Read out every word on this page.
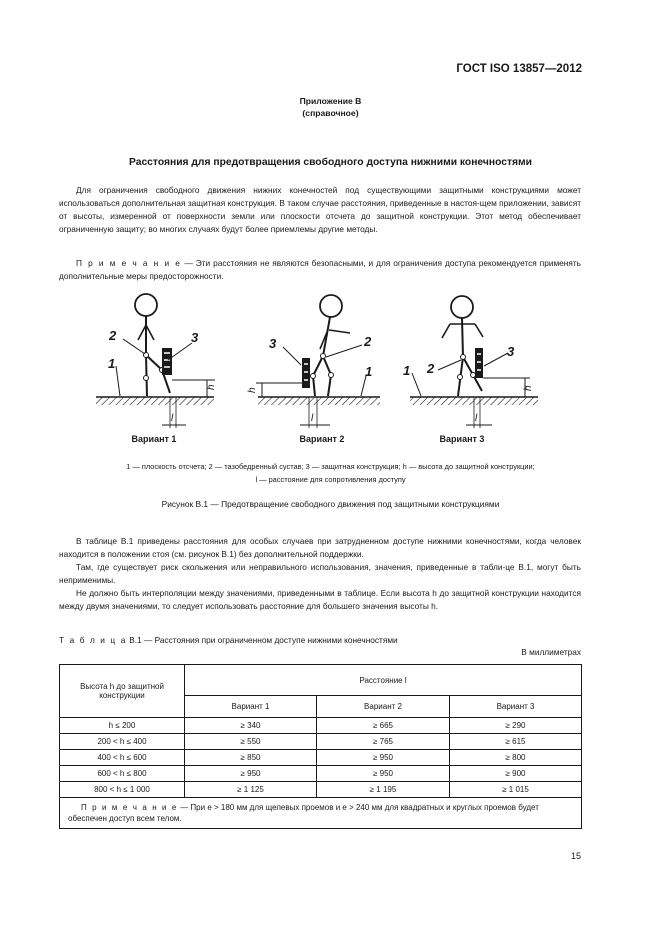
ГОСТ ISO 13857—2012
Приложение В
(справочное)
Расстояния для предотвращения свободного доступа нижними конечностями

Для ограничения свободного движения нижних конечностей под существующими защитными конструкциями может использоваться дополнительная защитная конструкция. В таком случае расстояния, приведенные в настоя-щем приложении, зависят от высоты, измеренной от поверхности земли или плоскости отсчета до защитной конструкции. Этот метод обеспечивает ограниченную защиту; во многих случаях будут более приемлемы другие методы.

П р и м е ч а н и е — Эти расстояния не являются безопасными, и для ограничения доступа рекомендуется применять дополнительные меры предосторожности.

2	3
1
3	2
1 1 2
3
h
h	h
l	l	l
Вариант 1	Вариант 2	Вариант 3
1 — плоскость отсчета; 2 — тазобедренный сустав; 3 — защитная конструкция; h — высота до защитной конструкции;
l — расстояние для сопротивления доступу
Рисунок В.1 — Предотвращение свободного движения под защитными конструкциями

В таблице В.1 приведены расстояния для особых случаев при затрудненном доступе нижними конечностями, когда человек находится в положении стоя (см. рисунок В.1) без дополнительной поддержки.

Там, где существует риск скольжения или неправильного использования, значения, приведенные в табли-це В.1, могут быть неприменимы.

Не должно быть интерполяции между значениями, приведенными в таблице. Если высота h до защитной конструкции находится между двумя значениями, то следует использовать расстояние для большего значения высоты h.

Т а б л и ц а В.1 — Расстояния при ограниченном доступе нижними конечностями
В миллиметрах
Высота h до защитной конструкции	Расстояние l		
	Вариант 1	Вариант 2	Вариант 3
h ≤ 200	≥ 340	≥ 665	≥ 290
200 < h ≤ 400	≥ 550	≥ 765	≥ 615
400 < h ≤ 600	≥ 850	≥ 950	≥ 800
600 < h ≤ 800	≥ 950	≥ 950	≥ 900
800 < h ≤ 1 000	≥ 1 125	≥ 1 195	≥ 1 015
П р и м е ч а н и е — При e > 180 мм для щелевых проемов и e > 240 мм для квадратных и круглых проемов будет обеспечен доступ всем телом.			
15
